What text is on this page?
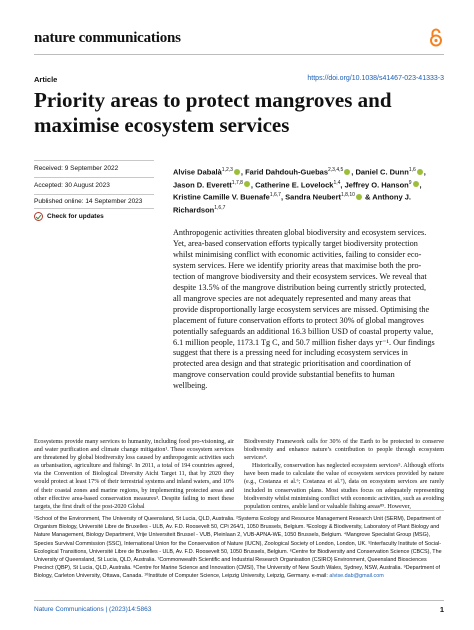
nature communications
Article	https://doi.org/10.1038/s41467-023-41333-3
Priority areas to protect mangroves and
maximise ecosystem services
Received: 9 September 2022
Accepted: 30 August 2023
Published online: 14 September 2023
Check for updates
Alvise Dabalà$^{1,2,3}$ , Farid Dahdouh-Guebas$^{2,3,4,5}$ , Daniel C. Dunn$^{1,6}$ , Jason D. Everett$^{1,7,8}$ , Catherine E. Lovelock$^{1,4}$, Jeffrey O. Hanson$^9$ , Kristine Camille V. Buenafe$^{1,6,7}$, Sandra Neubert$^{1,8,10}$ & Anthony J. Richardson$^{1,6,7}$
Anthropogenic activities threaten global biodiversity and ecosystem services.
Yet, area-based conservation efforts typically target biodiversity protection
whilst minimising conflict with economic activities, failing to consider eco-
system services. Here we identify priority areas that maximise both the pro-
tection of mangrove biodiversity and their ecosystem services. We reveal that
despite 13.5% of the mangrove distribution being currently strictly protected,
all mangrove species are not adequately represented and many areas that
provide disproportionally large ecosystem services are missed. Optimising the
placement of future conservation efforts to protect 30% of global mangroves
potentially safeguards an additional 16.3 billion USD of coastal property value,
6.1 million people, 1173.1 Tg C, and 50.7 million fisher days yr⁻¹. Our findings
suggest that there is a pressing need for including ecosystem services in
protected area design and that strategic prioritisation and coordination of
mangrove conservation could provide substantial benefits to human
wellbeing.

Ecosystems provide many services to humanity, including food pro-visioning, air and water purification and climate change mitigation¹. These ecosystem services are threatened by global biodiversity loss caused by anthropogenic activities such as urbanisation, agriculture and fishing². In 2011, a total of 194 countries agreed, via the Convention of Biological Diversity Aichi Target 11, that by 2020 they would protect at least 17% of their terrestrial systems and inland waters, and 10% of their coastal zones and marine regions, by implementing protected areas and other effective area-based conservation measures³. Despite failing to meet these targets, the first draft of the post-2020 Global

Biodiversity Framework calls for 30% of the Earth to be protected to conserve biodiversity and enhance nature’s contribution to people through ecosystem services⁴.

Historically, conservation has neglected ecosystem services⁵. Although efforts have been made to calculate the value of ecosystem services provided by nature (e.g., Costanza et al.⁶; Costanza et al.⁷), data on ecosystem services are rarely included in conservation plans. Most studies focus on adequately representing biodiversity whilst minimising conflict with economic activities, such as avoiding population centres, arable land or valuable fishing areas⁸⁹. However,

¹School of the Environment, The University of Queensland, St Lucia, QLD, Australia. ²Systems Ecology and Resource Management Research Unit (SERM), Department of Organism Biology, Université Libre de Bruxelles - ULB, Av. F.D. Roosevelt 50, CPi 264/1, 1050 Brussels, Belgium. ³Ecology & Biodiversity, Laboratory of Plant Biology and Nature Management, Biology Department, Vrije Universiteit Brussel - VUB, Pleinlaan 2, VUB-APNA-WE, 1050 Brussels, Belgium. ⁴Mangrove Specialist Group (MSG), Species Survival Commission (SSC), International Union for the Conservation of Nature (IUCN), Zoological Society of London, London, UK. ⁵Interfaculty Institute of Social-Ecological Transitions, Université Libre de Bruxelles - ULB, Av. F.D. Roosevelt 50, 1050 Brussels, Belgium. ⁶Centre for Biodiversity and Conservation Science (CBCS), The University of Queensland, St Lucia, QLD, Australia. ⁷Commonwealth Scientific and Industrial Research Organisation (CSIRO) Environment, Queensland Biosciences Precinct (QBP), St Lucia, QLD, Australia. ⁸Centre for Marine Science and Innovation (CMSI), The University of New South Wales, Sydney, NSW, Australia. ⁹Department of Biology, Carleton University, Ottawa, Canada. ¹⁰Institute of Computer Science, Leipzig University, Leipzig, Germany. e-mail: alvise.dab@gmail.com
Nature Communications | (2023)14:5863	1
